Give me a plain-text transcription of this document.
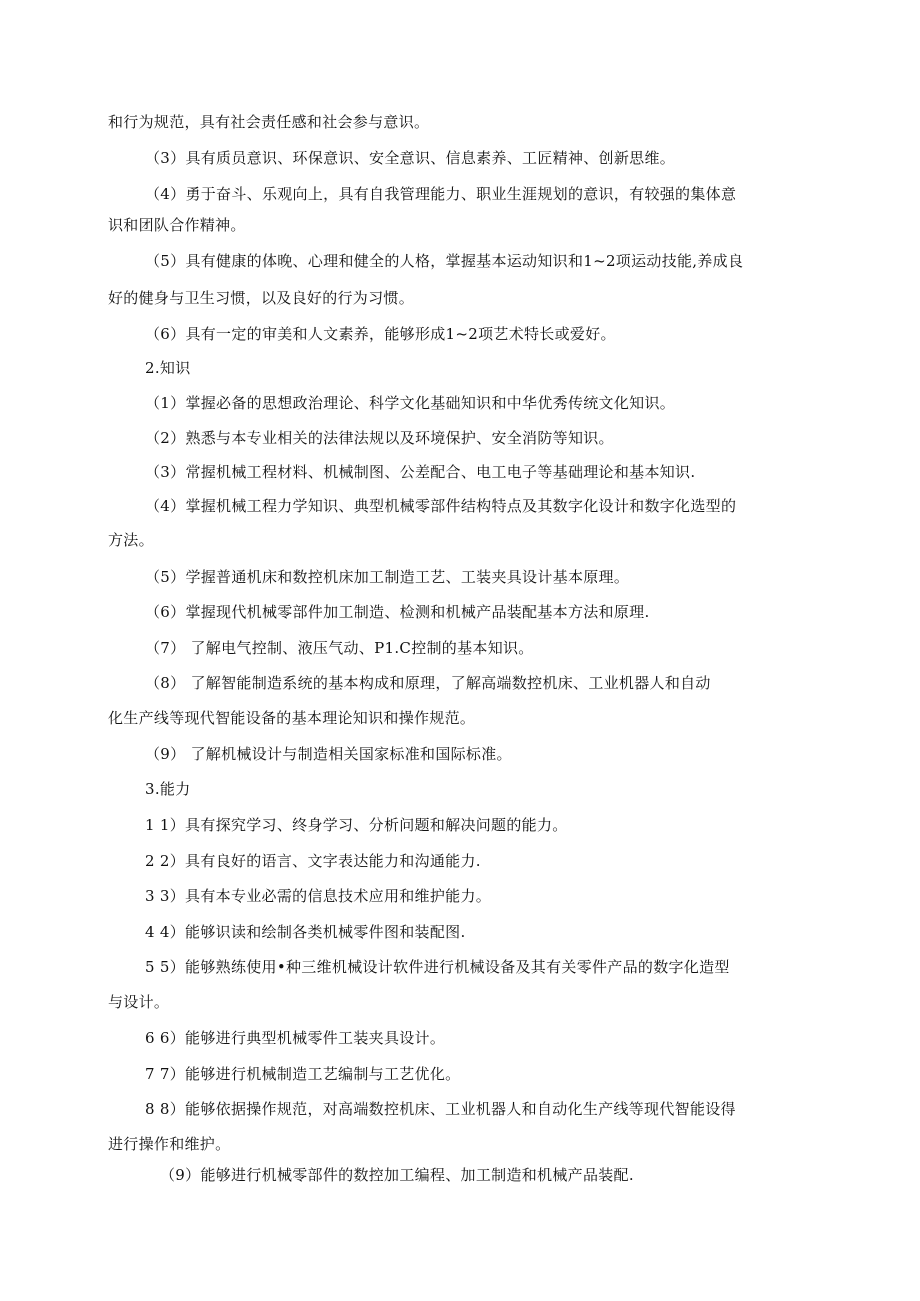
和行为规范，具有社会责任感和社会参与意识。
（3）具有质员意识、环保意识、安全意识、信息素养、工匠精神、创新思维。
（4）勇于奋斗、乐观向上，具有自我管理能力、职业生涯规划的意识，有较强的集体意
识和团队合作精神。
（5）具有健康的体晚、心理和健全的人格，掌握基本运动知识和1~2项运动技能,养成良
好的健身与卫生习惯，以及良好的行为习惯。
（6）具有一定的审美和人文素养，能够形成1~2项艺术特长或爱好。
2.知识
（1）掌握必备的思想政治理论、科学文化基础知识和中华优秀传统文化知识。
（2）熟悉与本专业相关的法律法规以及环境保护、安全消防等知识。
（3）常握机械工程材料、机械制图、公差配合、电工电子等基础理论和基本知识.
（4）掌握机械工程力学知识、典型机械零部件结构特点及其数字化设计和数字化选型的
方法。
（5）学握普通机床和数控机床加工制造工艺、工装夹具设计基本原理。
（6）掌握现代机械零部件加工制造、检测和机械产品装配基本方法和原理.
（7） 了解电气控制、液压气动、P1.C控制的基本知识。
（8） 了解智能制造系统的基本构成和原理，了解高端数控机床、工业机器人和自动
化生产线等现代智能设备的基本理论知识和操作规范。
（9） 了解机械设计与制造相关国家标准和国际标准。
3.能力
1 1）具有探究学习、终身学习、分析问题和解决问题的能力。
2 2）具有良好的语言、文字表达能力和沟通能力.
3 3）具有本专业必需的信息技术应用和维护能力。
4 4）能够识读和绘制各类机械零件图和装配图.
5 5）能够熟练使用•种三维机械设计软件进行机械设备及其有关零件产品的数字化造型
与设计。
6 6）能够进行典型机械零件工装夹具设计。
7 7）能够进行机械制造工艺编制与工艺优化。
8 8）能够依据操作规范，对高端数控机床、工业机器人和自动化生产线等现代智能设得
进行操作和维护。
（9）能够进行机械零部件的数控加工编程、加工制造和机械产品装配.
